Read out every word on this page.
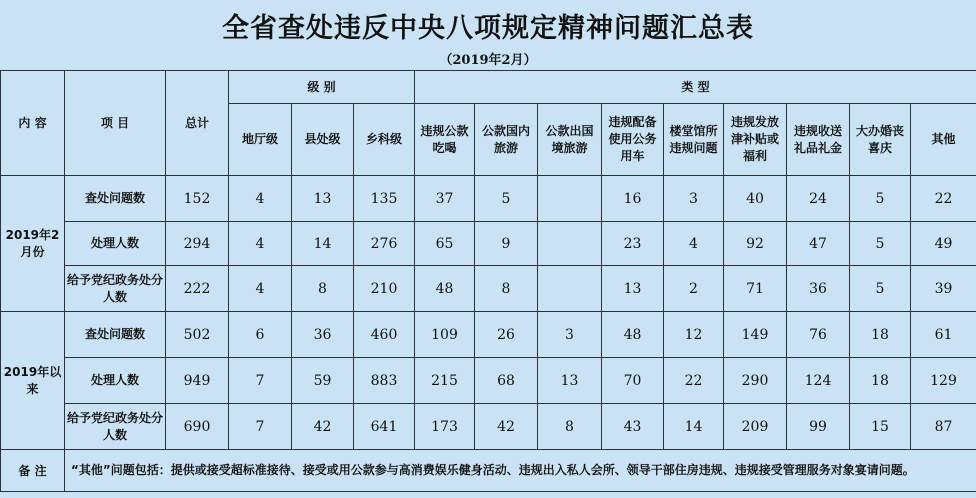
全省查处违反中央八项规定精神问题汇总表
（2019年2月）
内 容	项 目	总计	级 别			类 型								
			地厅级	县处级	乡科级	违规公款吃喝	公款国内旅游	公款出国境旅游	违规配备使用公务用车	楼堂馆所违规问题	违规发放津补贴或福利	违规收送礼品礼金	大办婚丧喜庆	其他
2019年2月份	查处问题数	152	4	13	135	37	5		16	3	40	24	5	22
	处理人数	294	4	14	276	65	9		23	4	92	47	5	49
	给予党纪政务处分人数	222	4	8	210	48	8		13	2	71	36	5	39
2019年以来	查处问题数	502	6	36	460	109	26	3	48	12	149	76	18	61
	处理人数	949	7	59	883	215	68	13	70	22	290	124	18	129
	给予党纪政务处分人数	690	7	42	641	173	42	8	43	14	209	99	15	87
备 注	“其他”问题包括：提供或接受超标准接待、接受或用公款参与高消费娱乐健身活动、违规出入私人会所、领导干部住房违规、违规接受管理服务对象宴请问题。													
